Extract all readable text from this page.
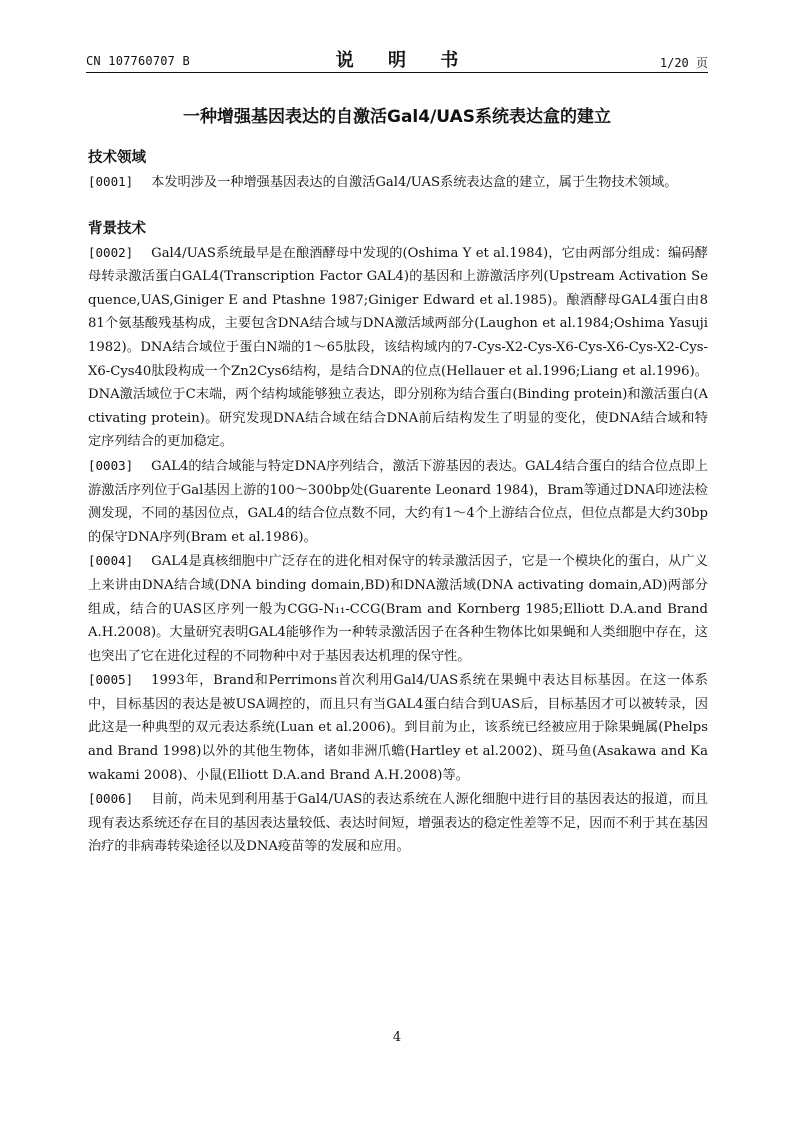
CN 107760707 B	说 明 书	1/20 页
一种增强基因表达的自激活Gal4/UAS系统表达盒的建立
技术领域

[0001] 本发明涉及一种增强基因表达的自激活Gal4/UAS系统表达盒的建立，属于生物技术领域。

背景技术

[0002] Gal4/UAS系统最早是在酿酒酵母中发现的(Oshima Y et al.1984)，它由两部分组成：编码酵母转录激活蛋白GAL4(Transcription Factor GAL4)的基因和上游激活序列(Upstream Activation Sequence,UAS,Giniger E and Ptashne 1987;Giniger Edward et al.1985)。酿酒酵母GAL4蛋白由881个氨基酸残基构成，主要包含DNA结合域与DNA激活域两部分(Laughon et al.1984;Oshima Yasuji 1982)。DNA结合域位于蛋白N端的1～65肽段，该结构域内的7-Cys-X2-Cys-X6-Cys-X6-Cys-X2-Cys-X6-Cys40肽段构成一个Zn2Cys6结构，是结合DNA的位点(Hellauer et al.1996;Liang et al.1996)。DNA激活域位于C末端，两个结构域能够独立表达，即分别称为结合蛋白(Binding protein)和激活蛋白(Activating protein)。研究发现DNA结合域在结合DNA前后结构发生了明显的变化，使DNA结合域和特定序列结合的更加稳定。

[0003] GAL4的结合域能与特定DNA序列结合，激活下游基因的表达。GAL4结合蛋白的结合位点即上游激活序列位于Gal基因上游的100～300bp处(Guarente Leonard 1984)，Bram等通过DNA印迹法检测发现，不同的基因位点，GAL4的结合位点数不同，大约有1～4个上游结合位点，但位点都是大约30bp的保守DNA序列(Bram et al.1986)。

[0004] GAL4是真核细胞中广泛存在的进化相对保守的转录激活因子，它是一个模块化的蛋白，从广义上来讲由DNA结合域(DNA binding domain,BD)和DNA激活域(DNA activating domain,AD)两部分组成，结合的UAS区序列一般为CGG-N₁₁-CCG(Bram and Kornberg 1985;Elliott D.A.and Brand A.H.2008)。大量研究表明GAL4能够作为一种转录激活因子在各种生物体比如果蝇和人类细胞中存在，这也突出了它在进化过程的不同物种中对于基因表达机理的保守性。

[0005] 1993年，Brand和Perrimons首次利用Gal4/UAS系统在果蝇中表达目标基因。在这一体系中，目标基因的表达是被USA调控的，而且只有当GAL4蛋白结合到UAS后，目标基因才可以被转录，因此这是一种典型的双元表达系统(Luan et al.2006)。到目前为止，该系统已经被应用于除果蝇属(Phelps and Brand 1998)以外的其他生物体，诸如非洲爪蟾(Hartley et al.2002)、斑马鱼(Asakawa and Kawakami 2008)、小鼠(Elliott D.A.and Brand A.H.2008)等。

[0006] 目前，尚未见到利用基于Gal4/UAS的表达系统在人源化细胞中进行目的基因表达的报道，而且现有表达系统还存在目的基因表达量较低、表达时间短，增强表达的稳定性差等不足，因而不利于其在基因治疗的非病毒转染途径以及DNA疫苗等的发展和应用。

4
